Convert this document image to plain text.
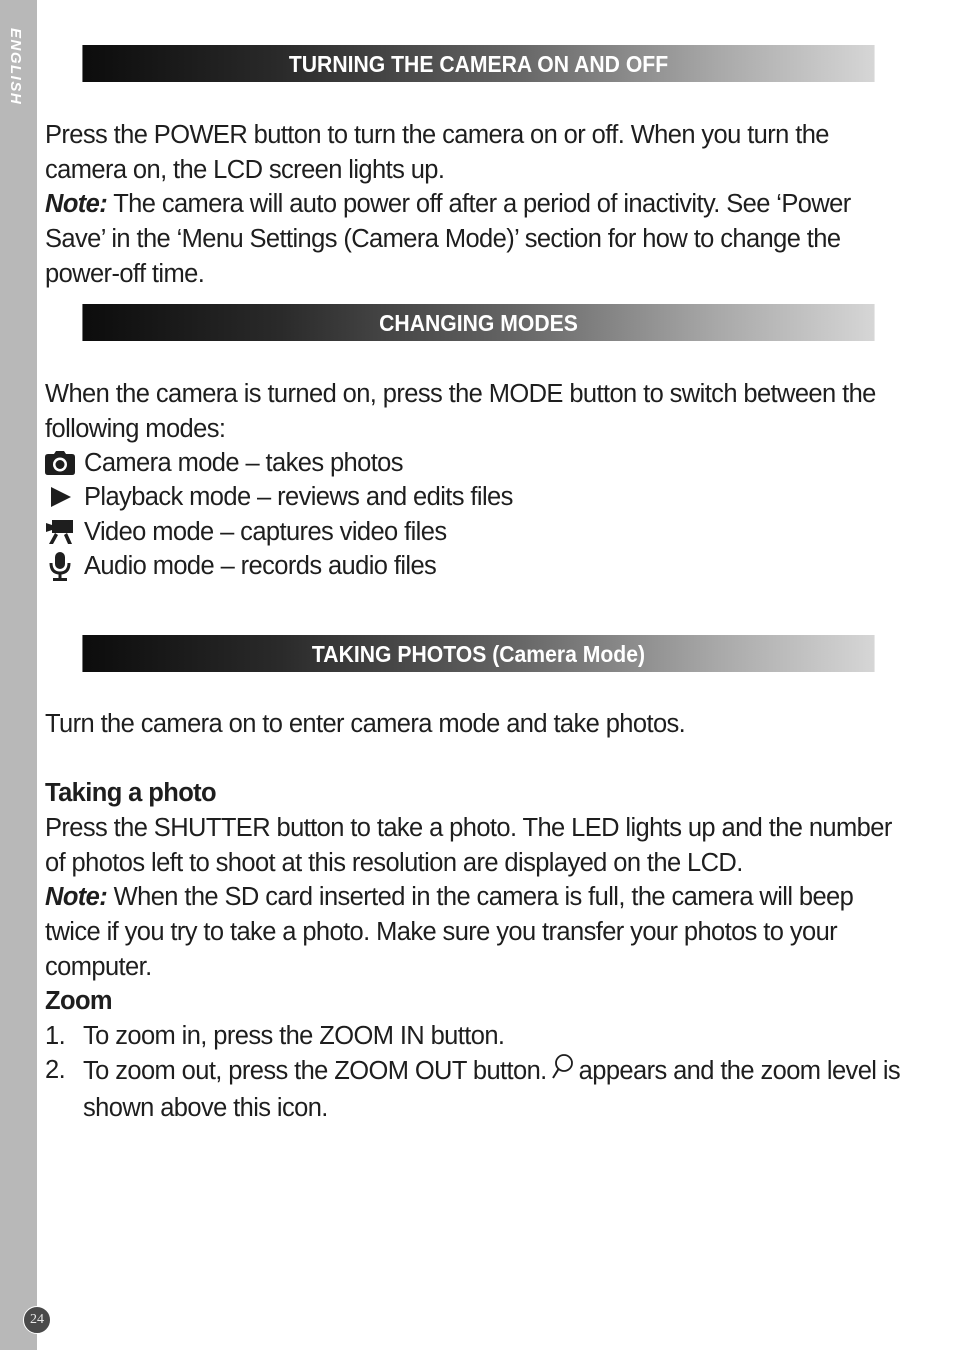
ENGLISH
24
TURNING THE CAMERA ON AND OFF

Press the POWER button to turn the camera on or off. When you turn the camera on, the LCD screen lights up.
Note: The camera will auto power off after a period of inactivity. See ‘Power Save’ in the ‘Menu Settings (Camera Mode)’ section for how to change the power-off time.

CHANGING MODES

When the camera is turned on, press the MODE button to switch between the following modes:

Camera mode – takes photos
Playback mode – reviews and edits files
Video mode – captures video files
Audio mode – records audio files
TAKING PHOTOS (Camera Mode)

Turn the camera on to enter camera mode and take photos.

Taking a photo

Press the SHUTTER button to take a photo. The LED lights up and the number of photos left to shoot at this resolution are displayed on the LCD.
Note: When the SD card inserted in the camera is full, the camera will beep twice if you try to take a photo. Make sure you transfer your photos to your computer.

Zoom

1. To zoom in, press the ZOOM IN button.
2. To zoom out, press the ZOOM OUT button. appears and the zoom level is shown above this icon.
